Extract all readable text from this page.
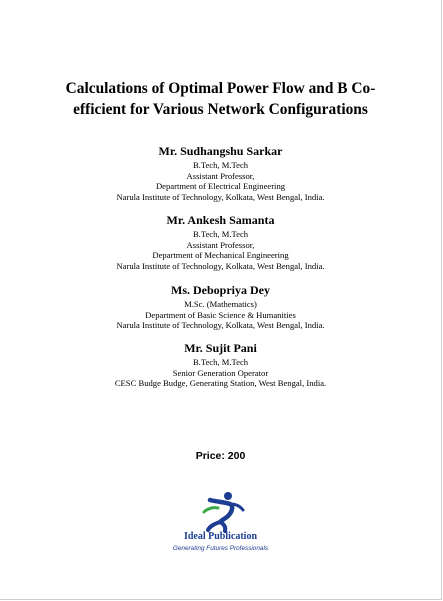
Calculations of Optimal Power Flow and B Co-
efficient for Various Network Configurations
Mr. Sudhangshu Sarkar
B.Tech, M.Tech
Assistant Professor,
Department of Electrical Engineering
Narula Institute of Technology, Kolkata, West Bengal, India.
Mr. Ankesh Samanta
B.Tech, M.Tech
Assistant Professor,
Department of Mechanical Engineering
Narula Institute of Technology, Kolkata, West Bengal, India.
Ms. Debopriya Dey
M.Sc. (Mathematics)
Department of Basic Science & Humanities
Narula Institute of Technology, Kolkata, West Bengal, India.
Mr. Sujit Pani
B.Tech, M.Tech
Senior Generation Operator
CESC Budge Budge, Generating Station, West Bengal, India.
Price: 200
Ideal Publication
Generating Futures Professionals
